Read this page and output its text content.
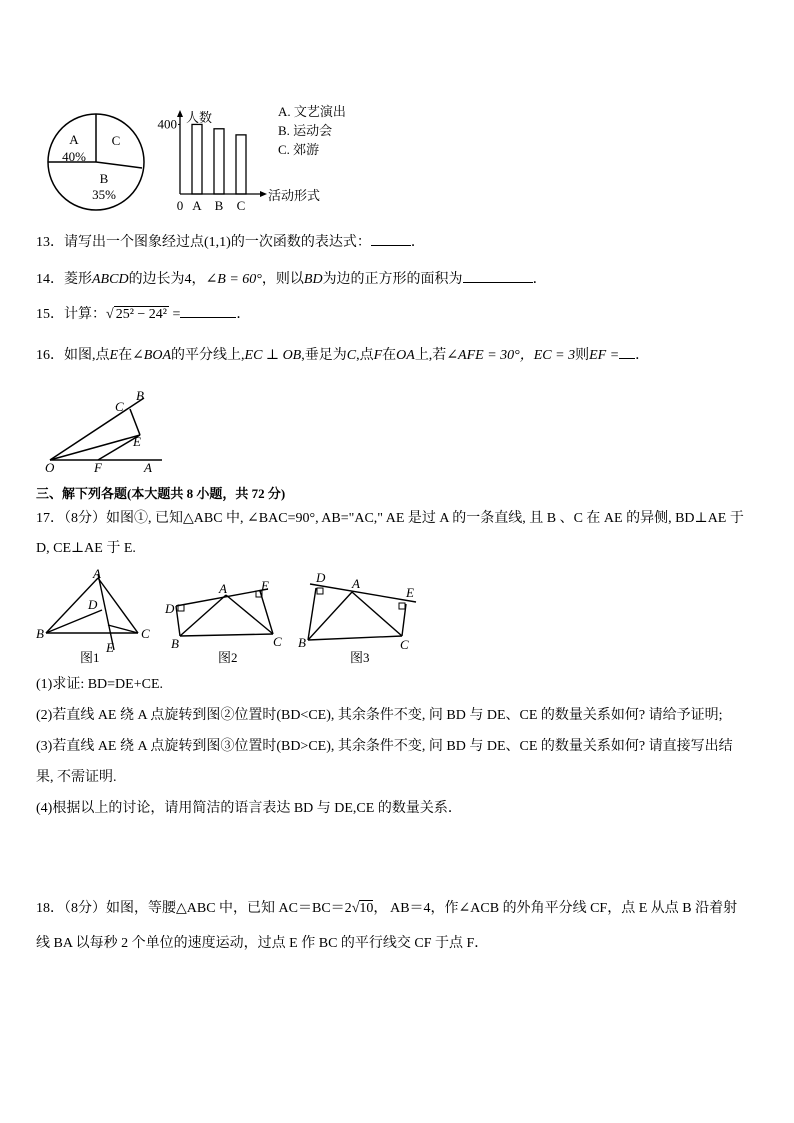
A
40%
C
B
35%
人数
活动形式
400
0 A B C
A. 文艺演出
B. 运动会
C. 郊游
13．请写出一个图象经过点(1,1)的一次函数的表达式：	．
14．菱形ABCD的边长为4，∠B = 60°，则以BD为边的正方形的面积为	．
15．计算：√ 25² − 24² =	．
16．如图,点E在∠BOA的平分线上,EC ⊥ OB,垂足为C,点F在OA上,若∠AFE = 30°，EC = 3则EF = ．
B
C
E
O	F	A
三、解下列各题(本大题共 8 小题，共 72 分)
17．（8分）如图①, 已知△ABC 中, ∠BAC=90°, AB="AC," AE 是过 A 的一条直线, 且 B 、C 在 AE 的异侧, BD⊥AE 于
D, CE⊥AE 于 E.
A
D
B	C
E
图1
A
D
E
B	C
图2
D A
E
B	C
图3
(1)求证: BD=DE+CE.
(2)若直线 AE 绕 A 点旋转到图②位置时(BD<CE), 其余条件不变, 问 BD 与 DE、CE 的数量关系如何? 请给予证明;
(3)若直线 AE 绕 A 点旋转到图③位置时(BD>CE), 其余条件不变, 问 BD 与 DE、CE 的数量关系如何? 请直接写出结
果, 不需证明.
(4)根据以上的讨论，请用简洁的语言表达 BD 与 DE,CE 的数量关系．
18．（8分）如图，等腰△ABC 中，已知 AC＝BC＝2√10， AB＝4，作∠ACB 的外角平分线 CF，点 E 从点 B 沿着射
线 BA 以每秒 2 个单位的速度运动，过点 E 作 BC 的平行线交 CF 于点 F．
